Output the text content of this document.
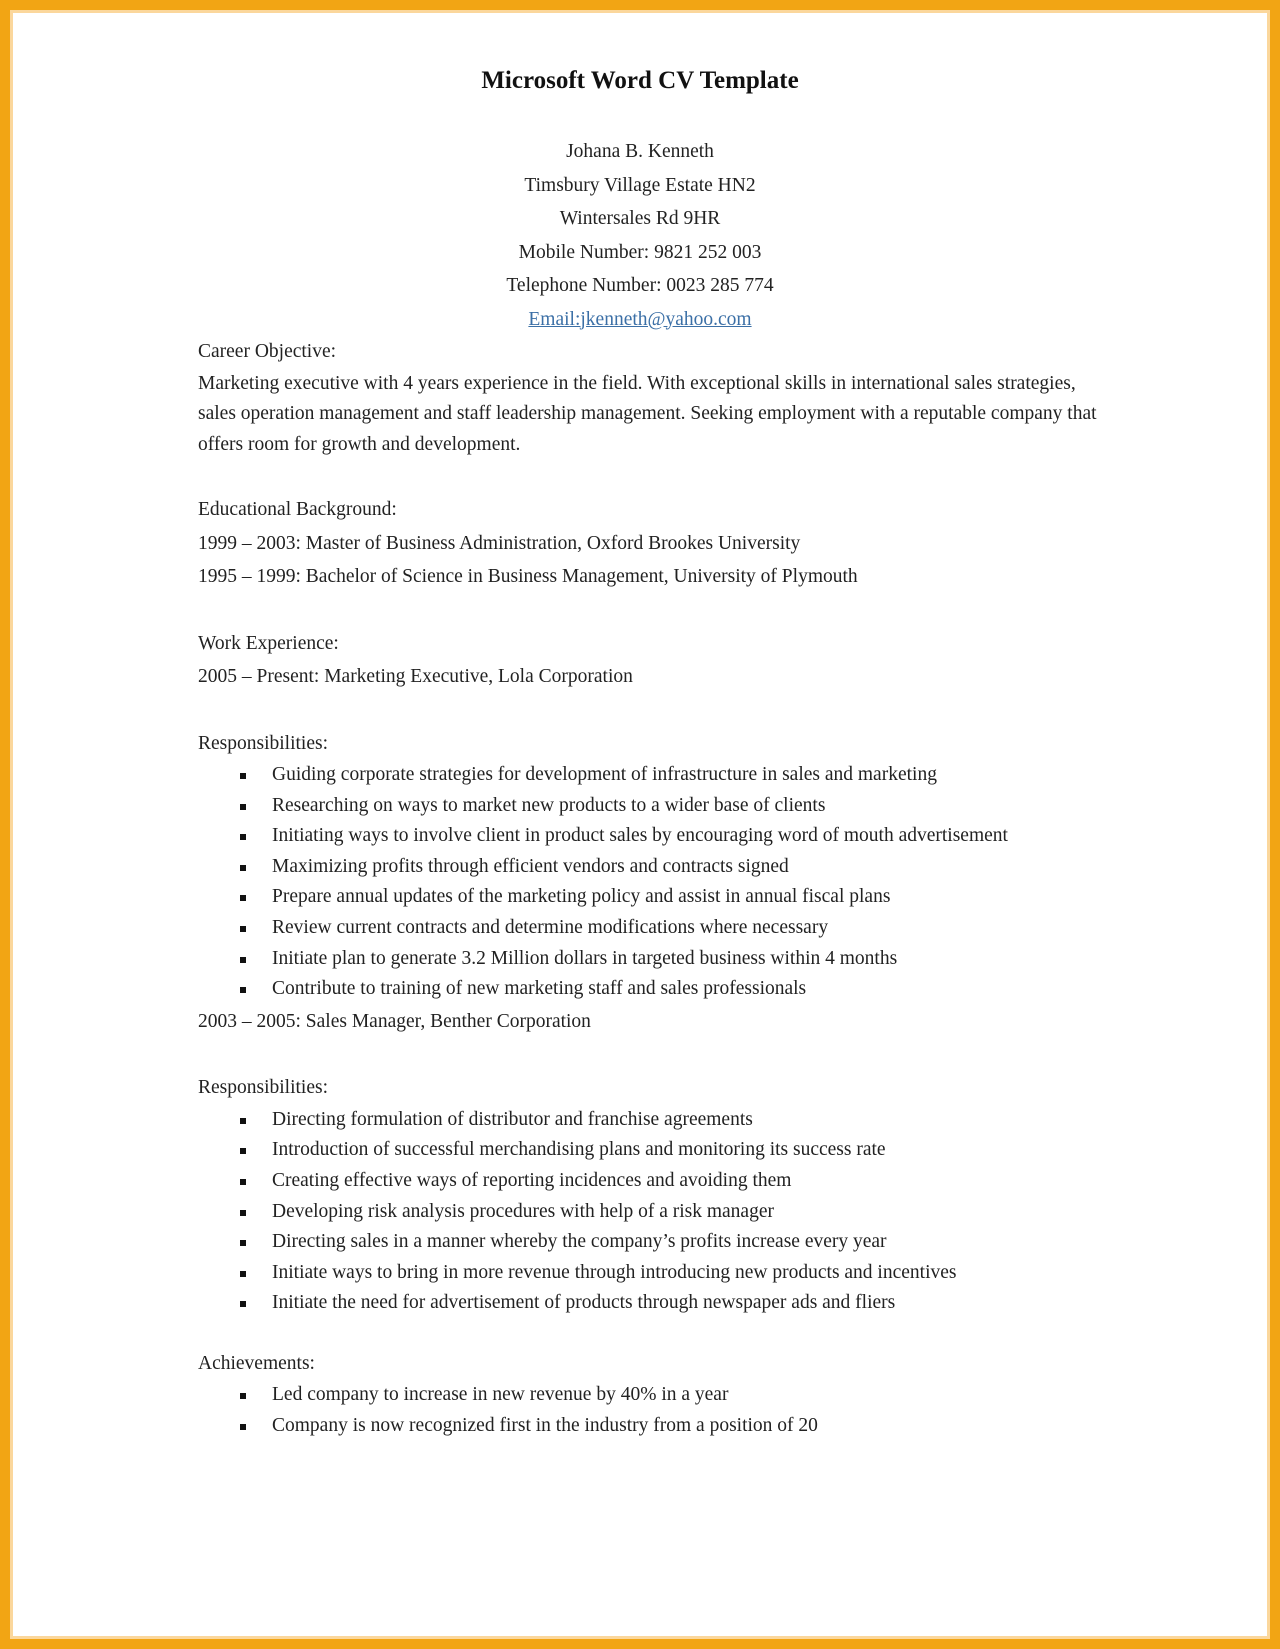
Microsoft Word CV Template
Johana B. Kenneth
Timsbury Village Estate HN2
Wintersales Rd 9HR
Mobile Number: 9821 252 003
Telephone Number: 0023 285 774
Email:jkenneth@yahoo.com
Career Objective:
Marketing executive with 4 years experience in the field. With exceptional skills in international sales strategies, sales operation management and staff leadership management. Seeking employment with a reputable company that offers room for growth and development.
Educational Background:
1999 – 2003: Master of Business Administration, Oxford Brookes University
1995 – 1999: Bachelor of Science in Business Management, University of Plymouth
Work Experience:
2005 – Present: Marketing Executive, Lola Corporation
Responsibilities:
Guiding corporate strategies for development of infrastructure in sales and marketing
Researching on ways to market new products to a wider base of clients
Initiating ways to involve client in product sales by encouraging word of mouth advertisement
Maximizing profits through efficient vendors and contracts signed
Prepare annual updates of the marketing policy and assist in annual fiscal plans
Review current contracts and determine modifications where necessary
Initiate plan to generate 3.2 Million dollars in targeted business within 4 months
Contribute to training of new marketing staff and sales professionals
2003 – 2005: Sales Manager, Benther Corporation
Responsibilities:
Directing formulation of distributor and franchise agreements
Introduction of successful merchandising plans and monitoring its success rate
Creating effective ways of reporting incidences and avoiding them
Developing risk analysis procedures with help of a risk manager
Directing sales in a manner whereby the company’s profits increase every year
Initiate ways to bring in more revenue through introducing new products and incentives
Initiate the need for advertisement of products through newspaper ads and fliers
Achievements:
Led company to increase in new revenue by 40% in a year
Company is now recognized first in the industry from a position of 20
